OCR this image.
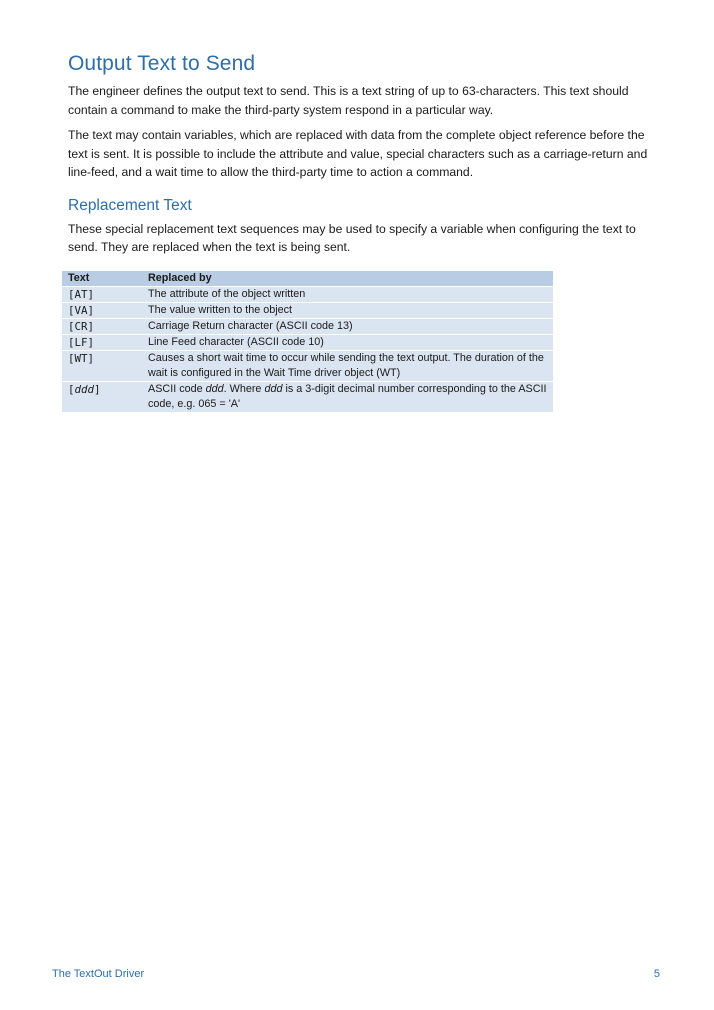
Output Text to Send

The engineer defines the output text to send. This is a text string of up to 63-characters. This text should contain a command to make the third-party system respond in a particular way.

The text may contain variables, which are replaced with data from the complete object reference before the text is sent. It is possible to include the attribute and value, special characters such as a carriage-return and line-feed, and a wait time to allow the third-party time to action a command.

Replacement Text

These special replacement text sequences may be used to specify a variable when configuring the text to send. They are replaced when the text is being sent.

Text	Replaced by
[AT]	The attribute of the object written
[VA]	The value written to the object
[CR]	Carriage Return character (ASCII code 13)
[LF]	Line Feed character (ASCII code 10)
[WT]	Causes a short wait time to occur while sending the text output. The duration of the wait is configured in the Wait Time driver object (WT)
[ddd]	ASCII code ddd. Where ddd is a 3-digit decimal number corresponding to the ASCII code, e.g. 065 = 'A'
The TextOut Driver	5
